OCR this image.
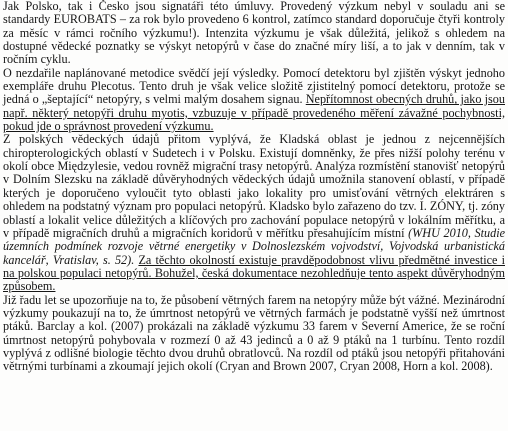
Jak Polsko, tak i Česko jsou signatáři této úmluvy. Provedený výzkum nebyl v souladu ani se standardy EUROBATS – za rok bylo provedeno 6 kontrol, zatímco standard doporučuje čtyři kontroly za měsíc v rámci ročního výzkumu!). Intenzita výzkumu je však důležitá, jelikož s ohledem na dostupné vědecké poznatky se výskyt netopýrů v čase do značné míry liší, a to jak v denním, tak v ročním cyklu.

O nezdařile naplánované metodice svědčí její výsledky. Pomocí detektoru byl zjištěn výskyt jednoho exempláře druhu Plecotus. Tento druh je však velice složitě zjistitelný pomocí detektoru, protože se jedná o „šeptající“ netopýry, s velmi malým dosahem signau. Nepřítomnost obecných druhů, jako jsou např. některý netopýři druhu myotis, vzbuzuje v případě provedeného měření závažné pochybnosti, pokud jde o správnost provedení výzkumu.

Z polských vědeckých údajů přitom vyplývá, že Kladská oblast je jednou z nejcennějších chiropterologických oblastí v Sudetech i v Polsku. Existují domněnky, že přes nižší polohy terénu v okolí obce Międzylesie, vedou rovněž migrační trasy netopýrů. Analýza rozmístění stanovišť netopýrů v Dolním Slezsku na základě důvěryhodných vědeckých údajů umožnila stanovení oblastí, v případě kterých je doporučeno vyloučit tyto oblasti jako lokality pro umisťování větrných elektráren s ohledem na podstatný význam pro populaci netopýrů. Kladsko bylo zařazeno do tzv. I. ZÓNY, tj. zóny oblastí a lokalit velice důležitých a klíčových pro zachování populace netopýrů v lokálním měřítku, a v případě migračních druhů a migračních koridorů v měřítku přesahujícím místní (WHU 2010, Studie územních podmínek rozvoje větrné energetiky v Dolnoslezském vojvodství, Vojvodská urbanistická kancelář, Vratislav, s. 52). Za těchto okolností existuje pravděpodobnost vlivu předmětné investice i na polskou populaci netopýrů. Bohužel, česká dokumentace nezohledňuje tento aspekt důvěryhodným způsobem.

Již řadu let se upozorňuje na to, že působení větrných farem na netopýry může být vážné. Mezinárodní výzkumy poukazují na to, že úmrtnost netopýrů ve větrných farmách je podstatně vyšší než úmrtnost ptáků. Barclay a kol. (2007) prokázali na základě výzkumu 33 farem v Severní Americe, že se roční úmrtnost netopýrů pohybovala v rozmezí 0 až 43 jedinců a 0 až 9 ptáků na 1 turbínu. Tento rozdíl vyplývá z odlišné biologie těchto dvou druhů obratlovců. Na rozdíl od ptáků jsou netopýři přitahováni větrnými turbínami a zkoumají jejich okolí (Cryan and Brown 2007, Cryan 2008, Horn a kol. 2008).
